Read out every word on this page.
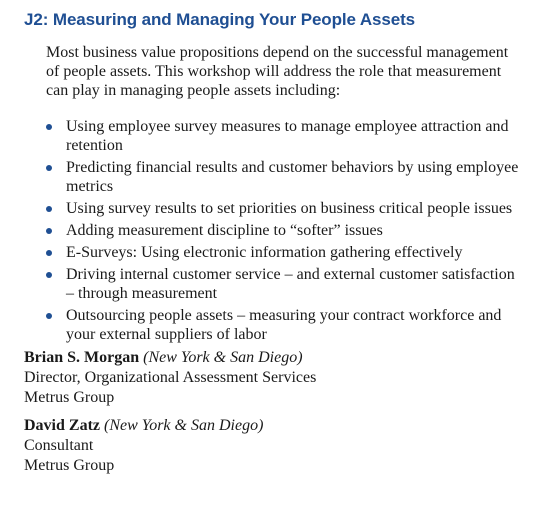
J2: Measuring and Managing Your People Assets

Most business value propositions depend on the successful management of people assets. This workshop will address the role that measurement can play in managing people assets including:

Using employee survey measures to manage employee attraction and retention
Predicting financial results and customer behaviors by using employee metrics
Using survey results to set priorities on business critical people issues
Adding measurement discipline to “softer” issues
E-Surveys: Using electronic information gathering effectively
Driving internal customer service – and external customer satisfaction – through measurement
Outsourcing people assets – measuring your contract workforce and your external suppliers of labor
Brian S. Morgan (New York & San Diego)
Director, Organizational Assessment Services
Metrus Group
David Zatz (New York & San Diego)
Consultant
Metrus Group
